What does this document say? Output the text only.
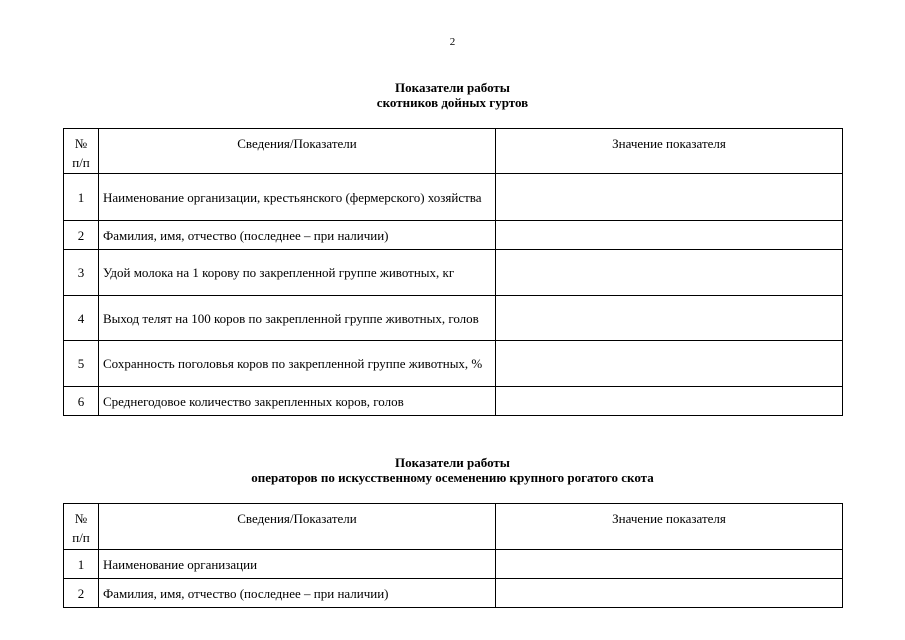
2
Показатели работы
скотников дойных гуртов
№ п/п	Сведения/Показатели	Значение показателя
1	Наименование организации, крестьянского (фермерского) хозяйства	
2	Фамилия, имя, отчество (последнее – при наличии)	
3	Удой молока на 1 корову по закрепленной группе животных, кг	
4	Выход телят на 100 коров по закрепленной группе животных, голов	
5	Сохранность поголовья коров по закрепленной группе животных, %	
6	Среднегодовое количество закрепленных коров, голов	
Показатели работы
операторов по искусственному осеменению крупного рогатого скота
№ п/п	Сведения/Показатели	Значение показателя
1	Наименование организации	
2	Фамилия, имя, отчество (последнее – при наличии)	
